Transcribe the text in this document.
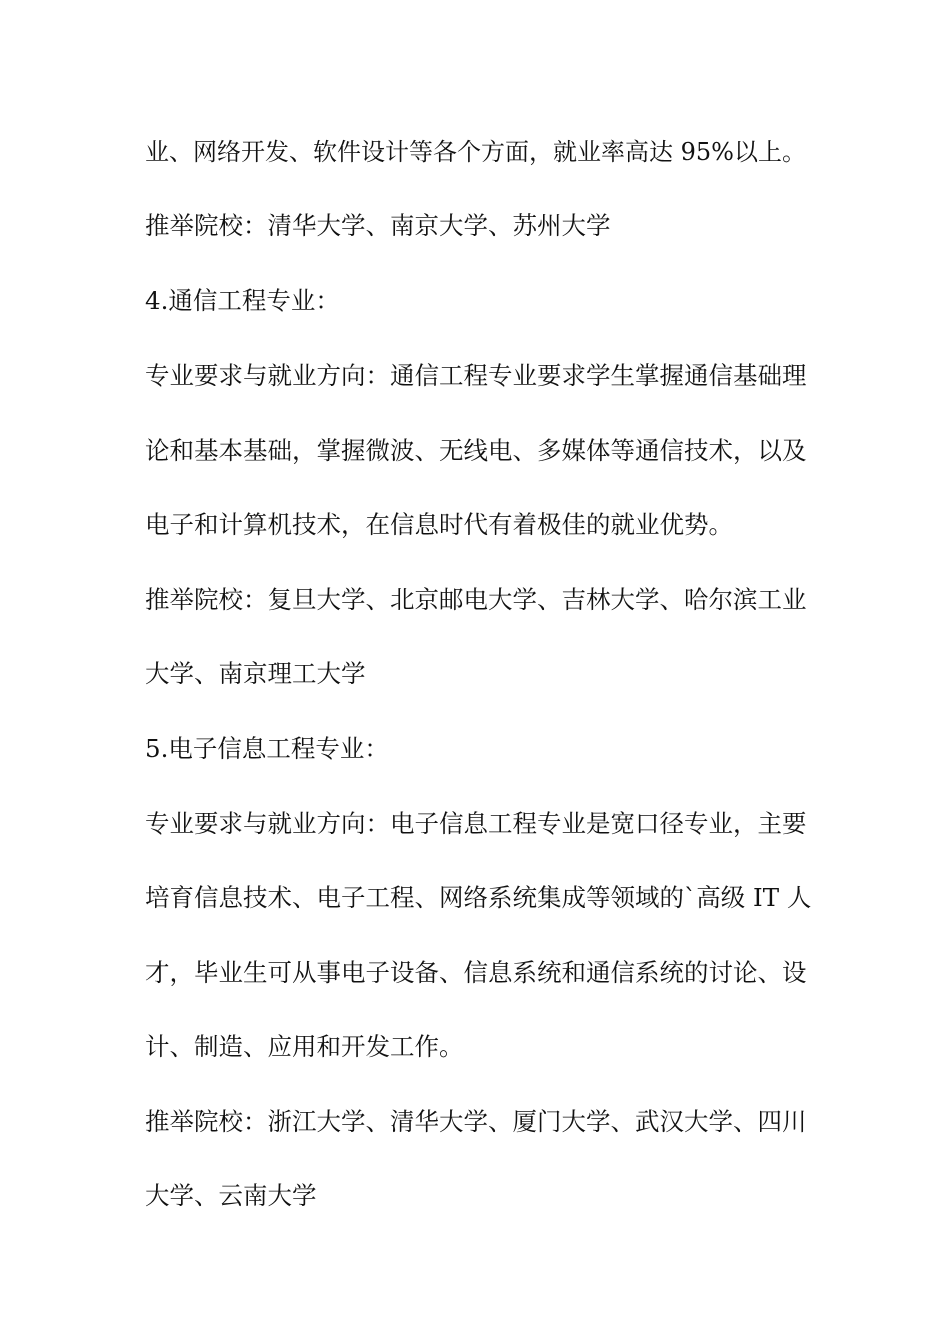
业、网络开发、软件设计等各个方面，就业率高达 95%以上。
推举院校：清华大学、南京大学、苏州大学
4.通信工程专业：
专业要求与就业方向：通信工程专业要求学生掌握通信基础理
论和基本基础，掌握微波、无线电、多媒体等通信技术，以及
电子和计算机技术，在信息时代有着极佳的就业优势。
推举院校：复旦大学、北京邮电大学、吉林大学、哈尔滨工业
大学、南京理工大学
5.电子信息工程专业：
专业要求与就业方向：电子信息工程专业是宽口径专业，主要
培育信息技术、电子工程、网络系统集成等领域的`高级 IT 人
才，毕业生可从事电子设备、信息系统和通信系统的讨论、设
计、制造、应用和开发工作。
推举院校：浙江大学、清华大学、厦门大学、武汉大学、四川
大学、云南大学
